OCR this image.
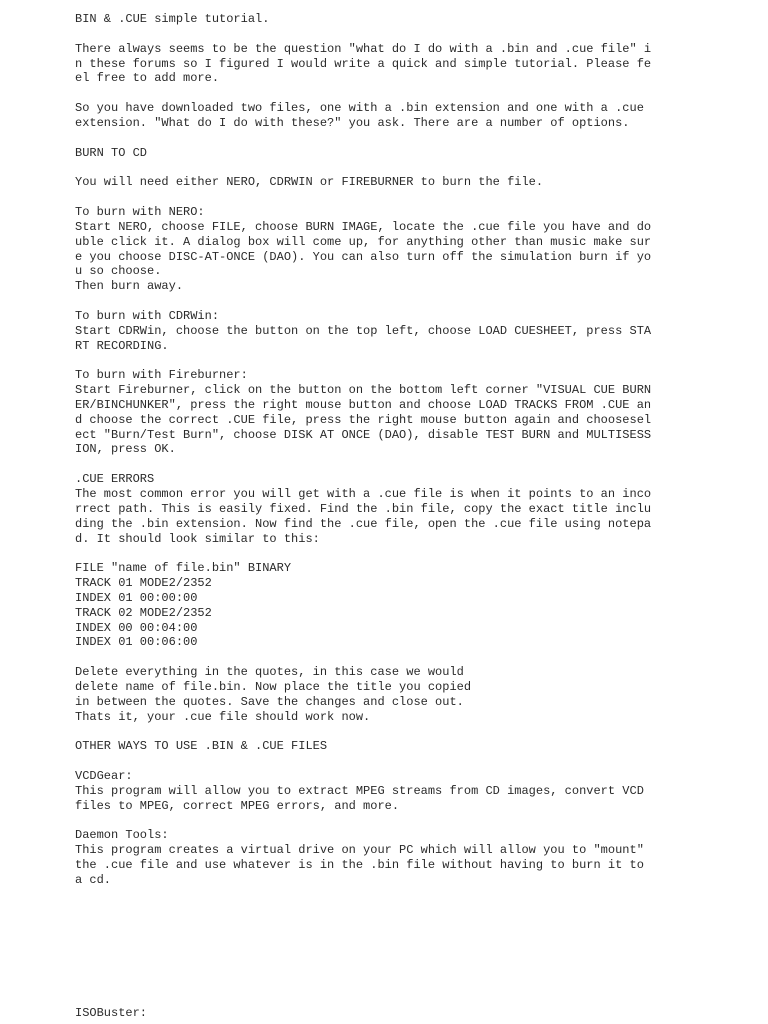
BIN & .CUE simple tutorial.
There always seems to be the question "what do I do with a .bin and .cue file" i
n these forums so I figured I would write a quick and simple tutorial. Please fe
el free to add more.
So you have downloaded two files, one with a .bin extension and one with a .cue
extension. "What do I do with these?" you ask. There are a number of options.
BURN TO CD
You will need either NERO, CDRWIN or FIREBURNER to burn the file.
To burn with NERO:
Start NERO, choose FILE, choose BURN IMAGE, locate the .cue file you have and do
uble click it. A dialog box will come up, for anything other than music make sur
e you choose DISC-AT-ONCE (DAO). You can also turn off the simulation burn if yo
u so choose.
Then burn away.
To burn with CDRWin:
Start CDRWin, choose the button on the top left, choose LOAD CUESHEET, press STA
RT RECORDING.
To burn with Fireburner:
Start Fireburner, click on the button on the bottom left corner "VISUAL CUE BURN
ER/BINCHUNKER", press the right mouse button and choose LOAD TRACKS FROM .CUE an
d choose the correct .CUE file, press the right mouse button again and choosesel
ect "Burn/Test Burn", choose DISK AT ONCE (DAO), disable TEST BURN and MULTISESS
ION, press OK.
.CUE ERRORS
The most common error you will get with a .cue file is when it points to an inco
rrect path. This is easily fixed. Find the .bin file, copy the exact title inclu
ding the .bin extension. Now find the .cue file, open the .cue file using notepa
d. It should look similar to this:
FILE "name of file.bin" BINARY
TRACK 01 MODE2/2352
INDEX 01 00:00:00
TRACK 02 MODE2/2352
INDEX 00 00:04:00
INDEX 01 00:06:00
Delete everything in the quotes, in this case we would
delete name of file.bin. Now place the title you copied
in between the quotes. Save the changes and close out.
Thats it, your .cue file should work now.
OTHER WAYS TO USE .BIN & .CUE FILES
VCDGear:
This program will allow you to extract MPEG streams from CD images, convert VCD
files to MPEG, correct MPEG errors, and more.
Daemon Tools:
This program creates a virtual drive on your PC which will allow you to "mount"
the .cue file and use whatever is in the .bin file without having to burn it to
a cd.
ISOBuster:
